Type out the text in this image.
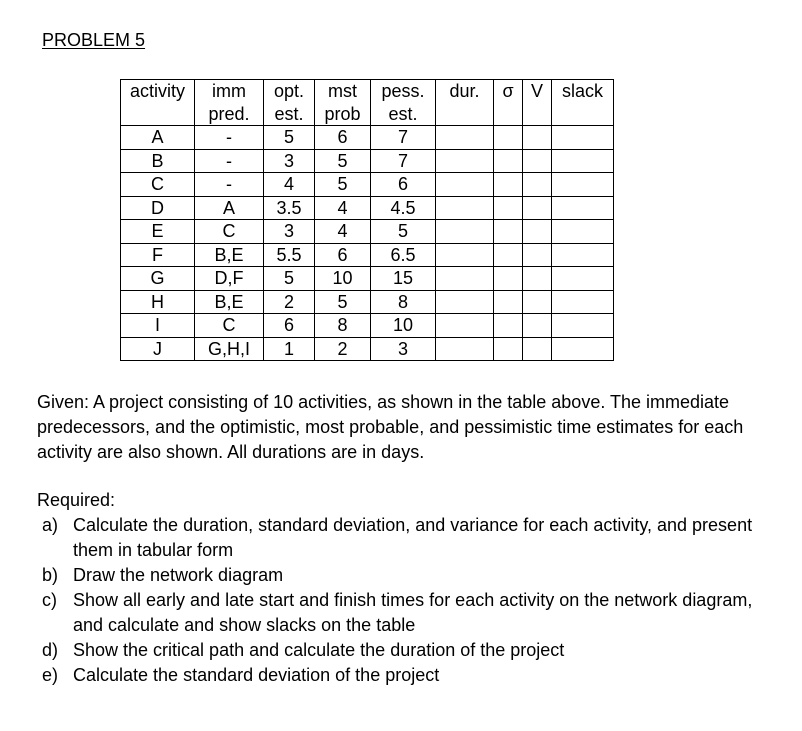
PROBLEM 5
activity	imm	opt.	mst	pess.	dur.	σ	V	slack
	pred.	est.	prob	est.				
A	-	5	6	7				
B	-	3	5	7				
C	-	4	5	6				
D	A	3.5	4	4.5				
E	C	3	4	5				
F	B,E	5.5	6	6.5				
G	D,F	5	10	15				
H	B,E	2	5	8				
I	C	6	8	10				
J	G,H,I	1	2	3				
Given: A project consisting of 10 activities, as shown in the table above. The immediate predecessors, and the optimistic, most probable, and pessimistic time estimates for each activity are also shown. All durations are in days.
Required:
a) Calculate the duration, standard deviation, and variance for each activity, and present them in tabular form
b) Draw the network diagram
c) Show all early and late start and finish times for each activity on the network diagram, and calculate and show slacks on the table
d) Show the critical path and calculate the duration of the project
e) Calculate the standard deviation of the project
